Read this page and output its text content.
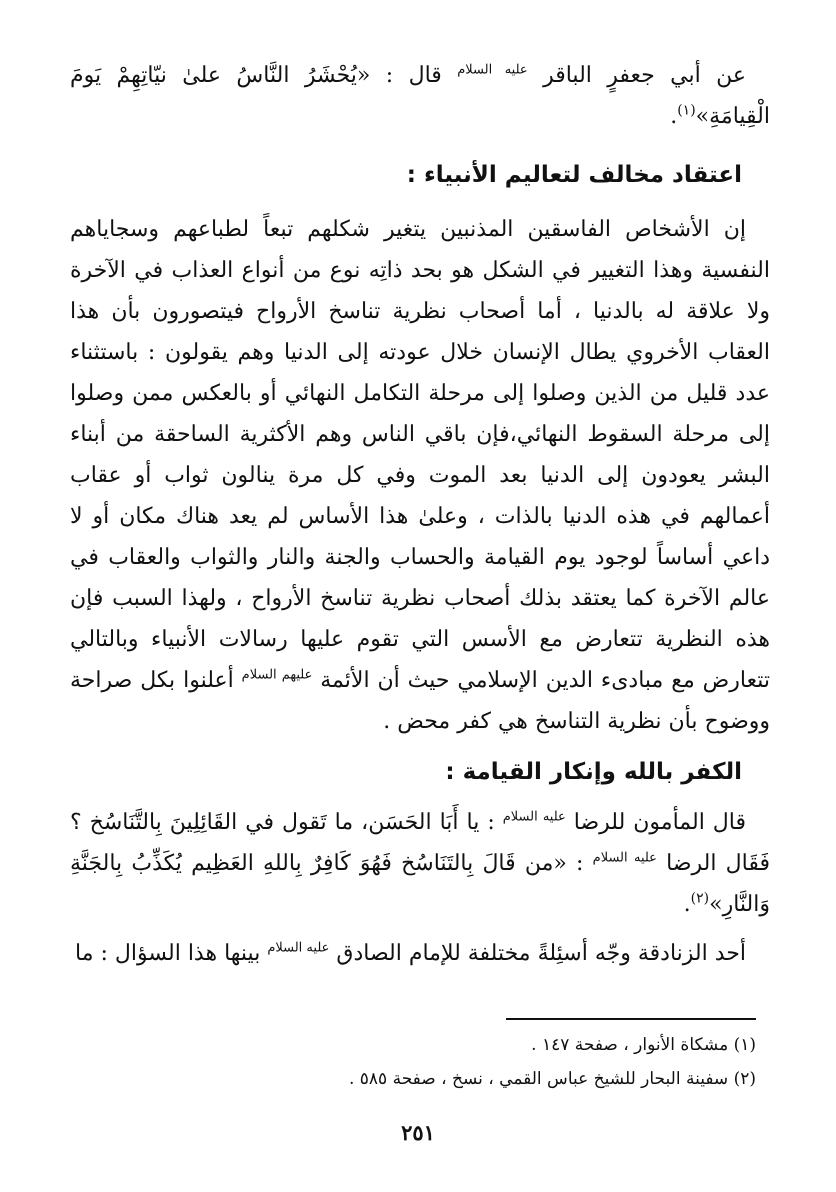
عن أبي جعفرٍ الباقر $^{عليه السلام}$ قال : «يُحْشَرُ النَّاسُ علىٰ نيّاتِهِمْ يَومَ الْقِيامَةِ»$^{(١)}$.

اعتقاد مخالف لتعاليم الأنبياء :

إن الأشخاص الفاسقين المذنبين يتغير شكلهم تبعاً لطباعهم وسجاياهم النفسية وهذا التغيير في الشكل هو بحد ذاتِه نوع من أنواع العذاب في الآخرة ولا علاقة له بالدنيا ، أما أصحاب نظرية تناسخ الأرواح فيتصورون بأن هذا العقاب الأخروي يطال الإنسان خلال عودته إلى الدنيا وهم يقولون : باستثناء عدد قليل من الذين وصلوا إلى مرحلة التكامل النهائي أو بالعكس ممن وصلوا إلى مرحلة السقوط النهائي،فإن باقي الناس وهم الأكثرية الساحقة من أبناء البشر يعودون إلى الدنيا بعد الموت وفي كل مرة ينالون ثواب أو عقاب أعمالهم في هذه الدنيا بالذات ، وعلىٰ هذا الأساس لم يعد هناك مكان أو لا داعي أساساً لوجود يوم القيامة والحساب والجنة والنار والثواب والعقاب في عالم الآخرة كما يعتقد بذلك أصحاب نظرية تناسخ الأرواح ، ولهذا السبب فإن هذه النظرية تتعارض مع الأسس التي تقوم عليها رسالات الأنبياء وبالتالي تتعارض مع مبادىء الدين الإسلامي حيث أن الأئمة $^{عليهم السلام}$ أعلنوا بكل صراحة ووضوح بأن نظرية التناسخ هي كفر محض .

الكفر بالله وإنكار القيامة :

قال المأمون للرضا $^{عليه السلام}$ : يا أَبَا الحَسَن، ما تَقول في القَائِلِينَ بِالتَّنَاسُخ ؟ فَقَال الرضا $^{عليه السلام}$ : «من قَالَ بِالتَنَاسُخ فَهُوَ كَافِرٌ بِاللهِ العَظِيم يُكَذِّبُ بِالجَنَّةِ وَالنَّارِ»$^{(٢)}$.

أحد الزنادقة وجّه أسئِلةً مختلفة للإمام الصادق $^{عليه السلام}$ بينها هذا السؤال : ما

(١) مشكاة الأنوار ، صفحة ١٤٧ .

(٢) سفينة البحار للشيخ عباس القمي ، نسخ ، صفحة ٥٨٥ .

٢٥١
